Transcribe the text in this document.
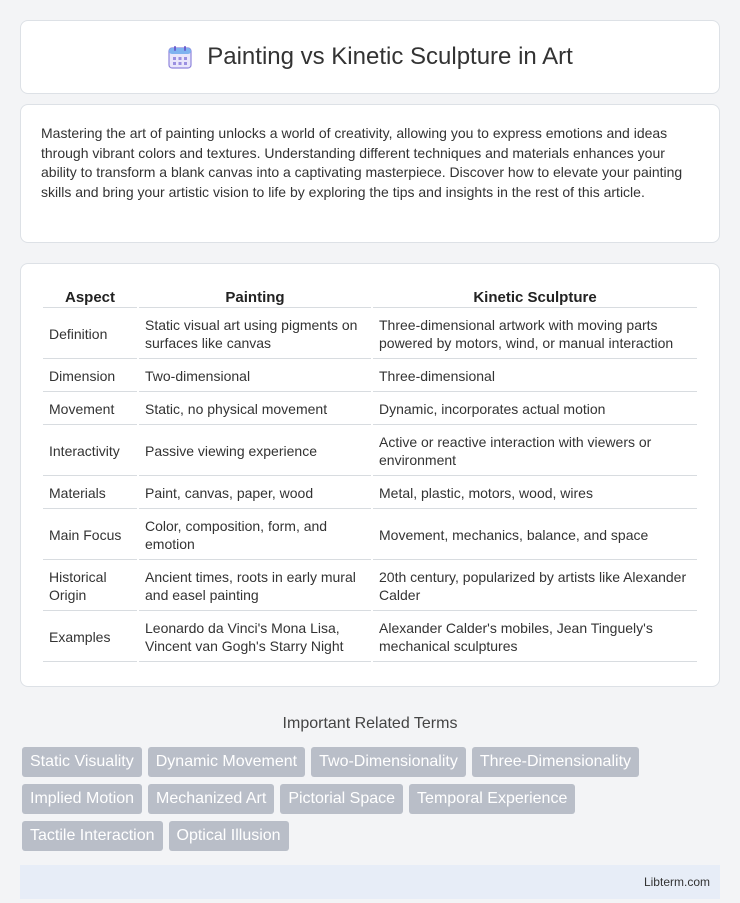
Painting vs Kinetic Sculpture in Art

Mastering the art of painting unlocks a world of creativity, allowing you to express emotions and ideas through vibrant colors and textures. Understanding different techniques and materials enhances your ability to transform a blank canvas into a captivating masterpiece. Discover how to elevate your painting skills and bring your artistic vision to life by exploring the tips and insights in the rest of this article.

Aspect	Painting	Kinetic Sculpture
Definition	Static visual art using pigments on surfaces like canvas	Three-dimensional artwork with moving parts powered by motors, wind, or manual interaction
Dimension	Two-dimensional	Three-dimensional
Movement	Static, no physical movement	Dynamic, incorporates actual motion
Interactivity	Passive viewing experience	Active or reactive interaction with viewers or environment
Materials	Paint, canvas, paper, wood	Metal, plastic, motors, wood, wires
Main Focus	Color, composition, form, and emotion	Movement, mechanics, balance, and space
Historical Origin	Ancient times, roots in early mural and easel painting	20th century, popularized by artists like Alexander Calder
Examples	Leonardo da Vinci's Mona Lisa, Vincent van Gogh's Starry Night	Alexander Calder's mobiles, Jean Tinguely's mechanical sculptures
Important Related Terms
Static Visuality	Dynamic Movement	Two-Dimensionality	Three-Dimensionality
Implied Motion	Mechanized Art	Pictorial Space	Temporal Experience
Tactile Interaction	Optical Illusion
Libterm.com
